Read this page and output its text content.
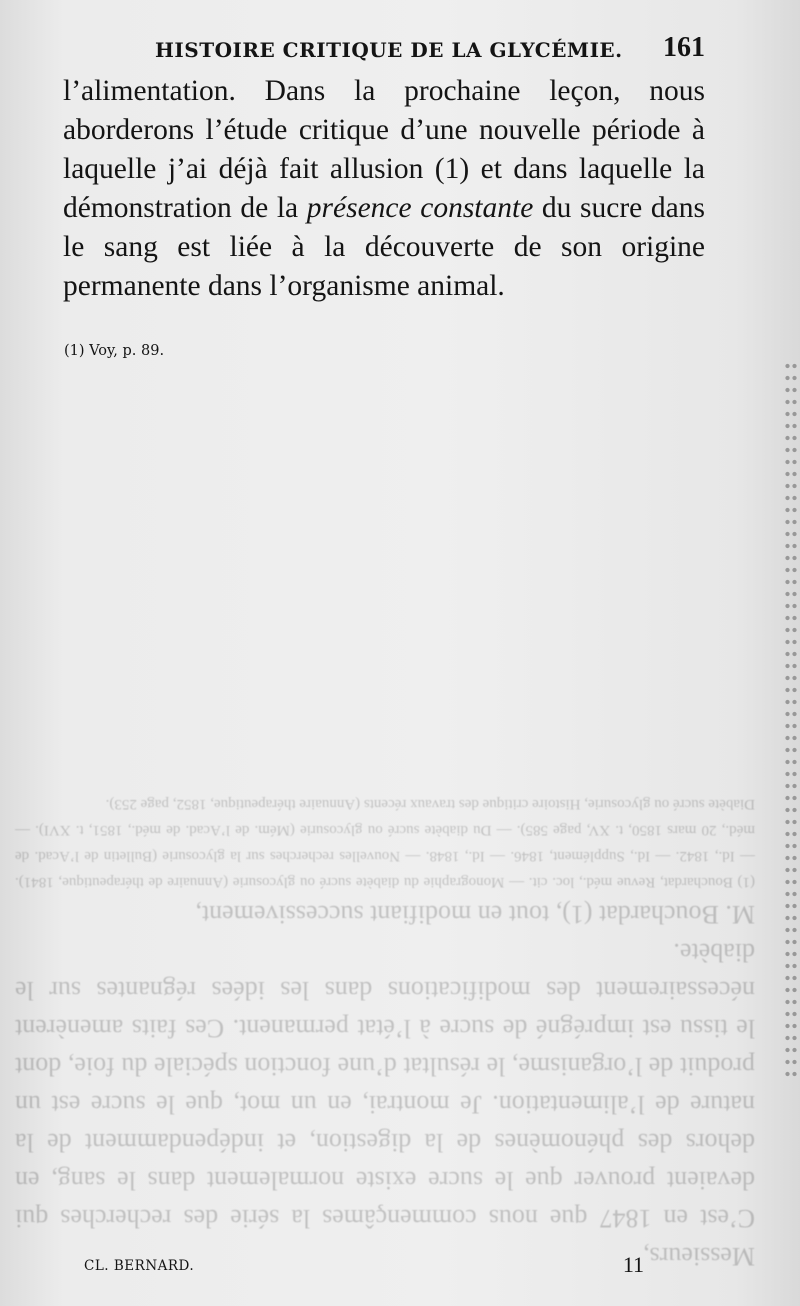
Messieurs,

C’est en 1847 que nous commençâmes la série des recherches qui devaient prouver que le sucre existe normalement dans le sang, en dehors des phénomènes de la digestion, et indépendamment de la nature de l’alimentation. Je montrai, en un mot, que le sucre est un produit de l’organisme, le résultat d’une fonction spéciale du foie, dont le tissu est imprégné de sucre à l’état permanent. Ces faits amenèrent nécessairement des modifications dans les idées régnantes sur le diabète.

M. Bouchardat (1), tout en modifiant successivement,

(1) Bouchardat, Revue méd., loc. cit. — Monographie du diabète sucré ou glycosurie (Annuaire de thérapeutique, 1841). — Id., 1842. — Id., Supplément, 1846. — Id., 1848. — Nouvelles recherches sur la glycosurie (Bulletin de l’Acad. de méd., 20 mars 1850, t. XV, page 585). — Du diabète sucré ou glycosurie (Mém. de l’Acad. de méd., 1851, t. XVI). — Diabète sucré ou glycosurie, Histoire critique des travaux récents (Annuaire thérapeutique, 1852, page 253).

HISTOIRE CRITIQUE DE LA GLYCÉMIE. 161

l’alimentation. Dans la prochaine leçon, nous aborderons l’étude critique d’une nouvelle période à laquelle j’ai déjà fait allusion (1) et dans laquelle la démonstration de la présence constante du sucre dans le sang est liée à la découverte de son origine permanente dans l’organisme animal.

(1) Voy, p. 89.
CL. BERNARD.	11
